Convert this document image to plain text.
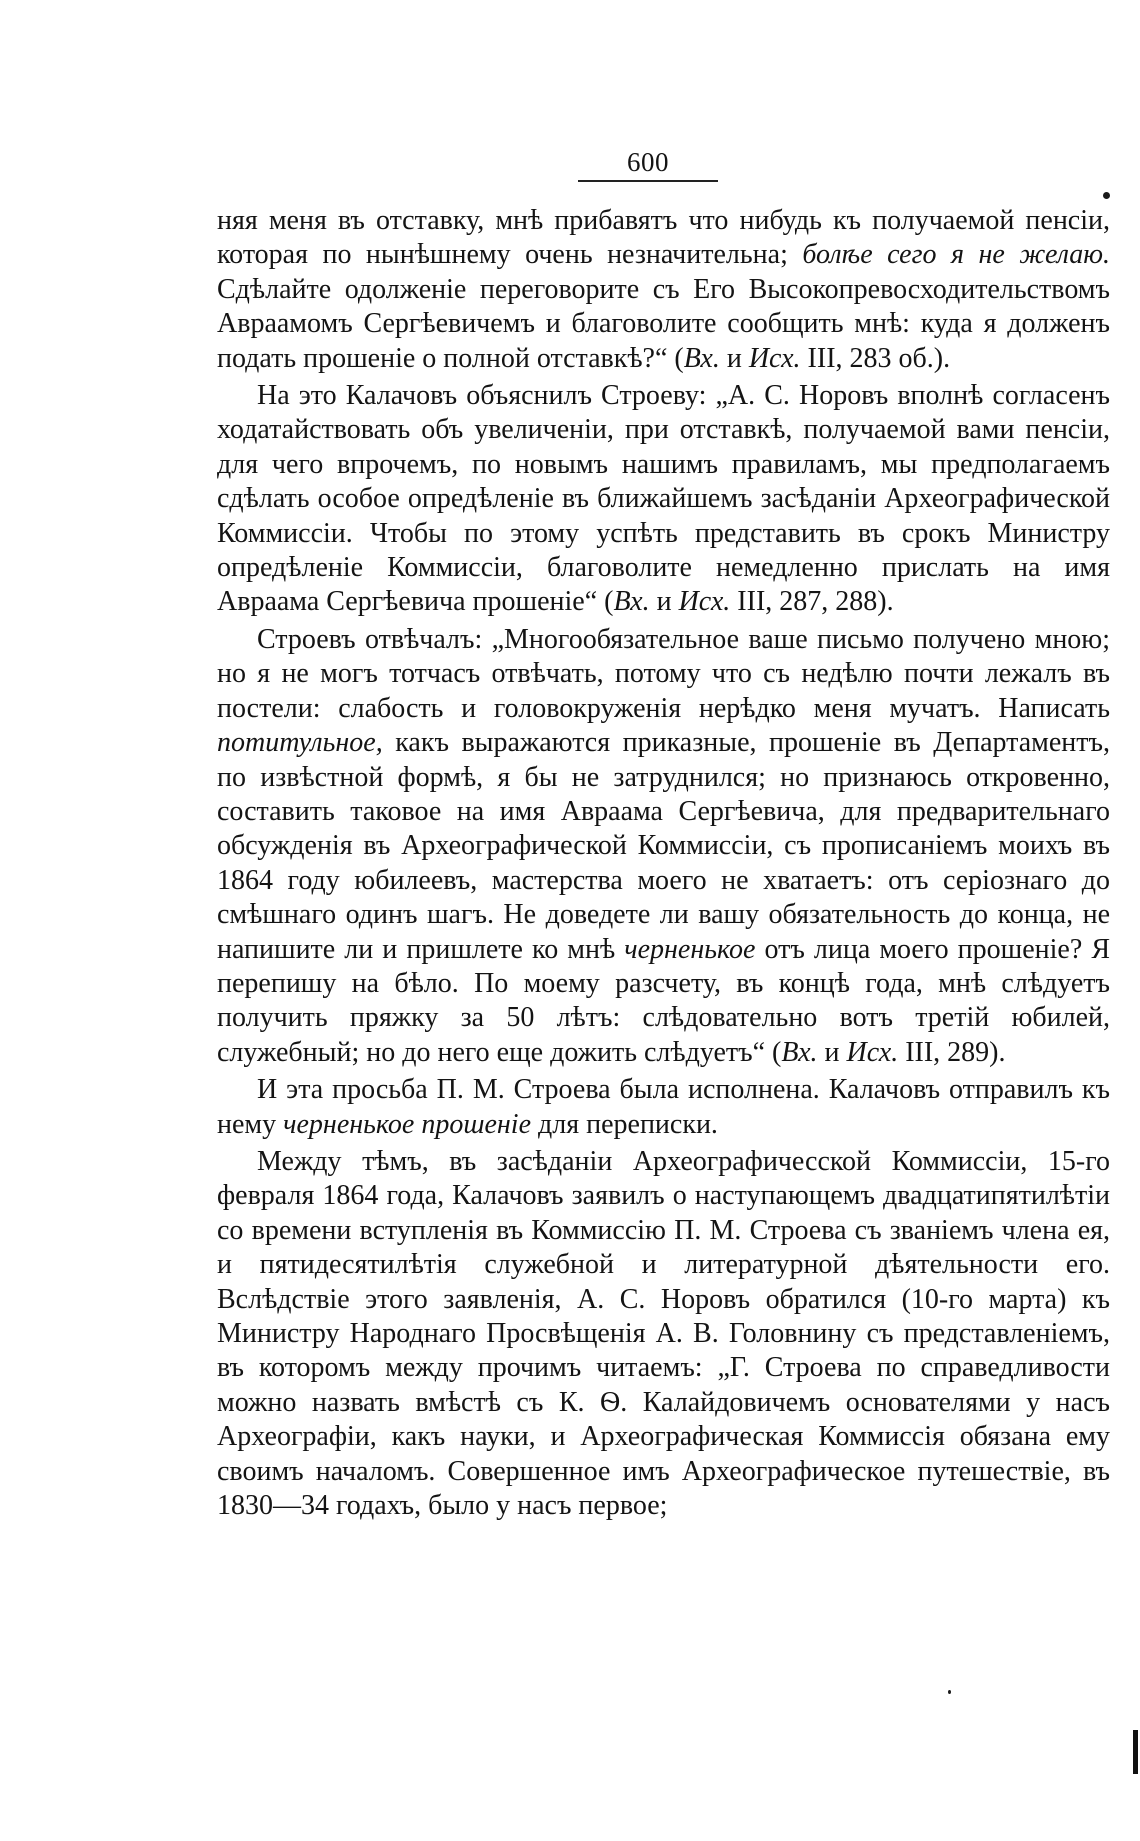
600

няя меня въ отставку, мнѣ прибавятъ что нибудь къ получаемой пенсіи, которая по нынѣшнему очень незначительна; болѣе сего я не желаю. Сдѣлайте одолженіе переговорите съ Его Высокопревосходительствомъ Авраамомъ Сергѣевичемъ и благоволите сообщить мнѣ: куда я долженъ подать прошеніе о полной отставкѣ?“ (Вх. и Исх. III, 283 об.).

На это Калачовъ объяснилъ Строеву: „А. С. Норовъ вполнѣ согласенъ ходатайствовать объ увеличеніи, при отставкѣ, получаемой вами пенсіи, для чего впрочемъ, по новымъ нашимъ правиламъ, мы предполагаемъ сдѣлать особое опредѣленіе въ ближайшемъ засѣданіи Археографической Коммиссіи. Чтобы по этому успѣть представить въ срокъ Министру опредѣленіе Коммиссіи, благоволите немедленно прислать на имя Авраама Сергѣевича прошеніе“ (Вх. и Исх. III, 287, 288).

Строевъ отвѣчалъ: „Многообязательное ваше письмо получено мною; но я не могъ тотчасъ отвѣчать, потому что съ недѣлю почти лежалъ въ постели: слабость и головокруженія нерѣдко меня мучатъ. Написать потитульное, какъ выражаются приказные, прошеніе въ Департаментъ, по извѣстной формѣ, я бы не затруднился; но признаюсь откровенно, составить таковое на имя Авраама Сергѣевича, для предварительнаго обсужденія въ Археографической Коммиссіи, съ прописаніемъ моихъ въ 1864 году юбилеевъ, мастерства моего не хватаетъ: отъ серіознаго до смѣшнаго одинъ шагъ. Не доведете ли вашу обязательность до конца, не напишите ли и пришлете ко мнѣ черненькое отъ лица моего прошеніе? Я перепишу на бѣло. По моему разсчету, въ концѣ года, мнѣ слѣдуетъ получить пряжку за 50 лѣтъ: слѣдовательно вотъ третій юбилей, служебный; но до него еще дожить слѣдуетъ“ (Вх. и Исх. III, 289).

И эта просьба П. М. Строева была исполнена. Калачовъ отправилъ къ нему черненькое прошеніе для переписки.

Между тѣмъ, въ засѣданіи Археографичесской Коммиссіи, 15-го февраля 1864 года, Калачовъ заявилъ о наступающемъ двадцатипятилѣтіи со времени вступленія въ Коммиссію П. М. Строева съ званіемъ члена ея, и пятидесятилѣтія служебной и литературной дѣятельности его. Вслѣдствіе этого заявленія, А. С. Норовъ обратился (10-го марта) къ Министру Народнаго Просвѣщенія А. В. Головнину съ представленіемъ, въ которомъ между прочимъ читаемъ: „Г. Строева по справедливости можно назвать вмѣстѣ съ К. Ѳ. Калайдовичемъ основателями у насъ Археографіи, какъ науки, и Археографическая Коммиссія обязана ему своимъ началомъ. Совершенное имъ Археографическое путешествіе, въ 1830—34 годахъ, было у насъ первое;
